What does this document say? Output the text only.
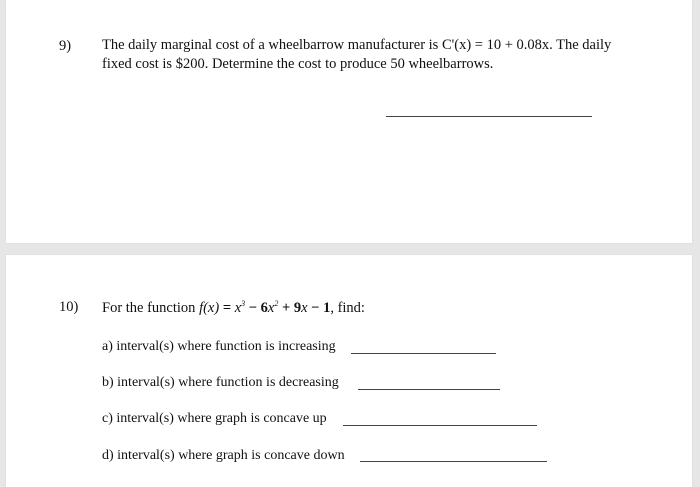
9) The daily marginal cost of a wheelbarrow manufacturer is C'(x) = 10 + 0.08x. The daily
fixed cost is $200. Determine the cost to produce 50 wheelbarrows.
10) For the function $f(x) = x^3 - 6x^2 + 9x - 1$, find:
a) interval(s) where function is increasing
b) interval(s) where function is decreasing
c) interval(s) where graph is concave up
d) interval(s) where graph is concave down
